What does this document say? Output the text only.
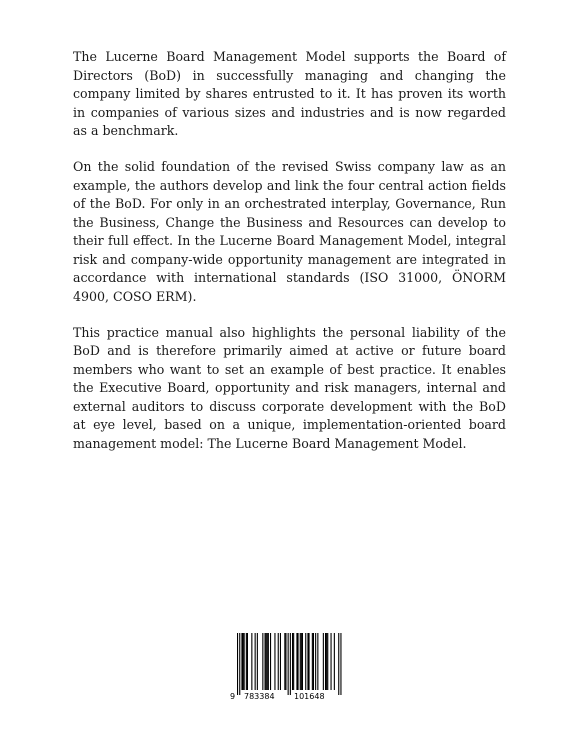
The Lucerne Board Management Model supports the Board of Directors (BoD) in successfully managing and changing the company limited by shares entrusted to it. It has proven its worth in companies of various sizes and industries and is now regarded as a benchmark.

On the solid foundation of the revised Swiss company law as an example, the authors develop and link the four central action fields of the BoD. For only in an orchestrated interplay, Governance, Run the Business, Change the Business and Resources can develop to their full effect. In the Lucerne Board Management Model, integral risk and company-wide opportunity management are integrated in accordance with international standards (ISO 31000, ÖNORM 4900, COSO ERM).

This practice manual also highlights the personal liability of the BoD and is therefore primarily aimed at active or future board members who want to set an example of best practice. It enables the Executive Board, opportunity and risk managers, internal and external auditors to discuss corporate development with the BoD at eye level, based on a unique, implementation-oriented board management model: The Lucerne Board Management Model.

9 783384 101648
